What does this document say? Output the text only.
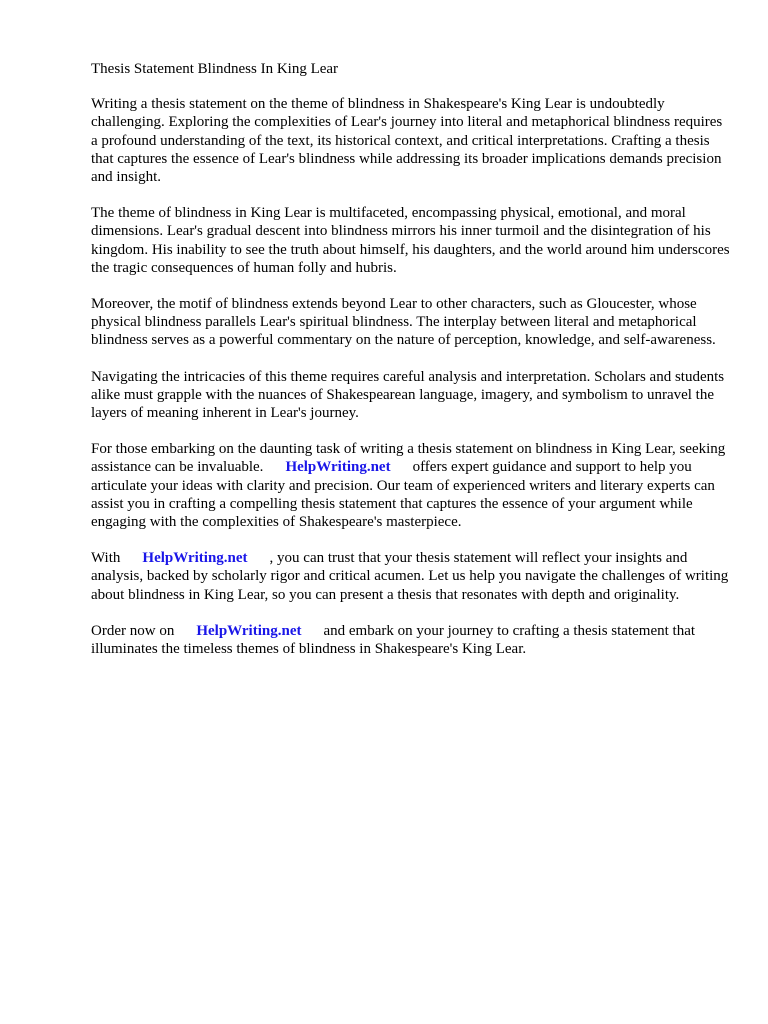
Thesis Statement Blindness In King Lear

Writing a thesis statement on the theme of blindness in Shakespeare's King Lear is undoubtedly challenging. Exploring the complexities of Lear's journey into literal and metaphorical blindness requires a profound understanding of the text, its historical context, and critical interpretations. Crafting a thesis that captures the essence of Lear's blindness while addressing its broader implications demands precision and insight.

The theme of blindness in King Lear is multifaceted, encompassing physical, emotional, and moral dimensions. Lear's gradual descent into blindness mirrors his inner turmoil and the disintegration of his kingdom. His inability to see the truth about himself, his daughters, and the world around him underscores the tragic consequences of human folly and hubris.

Moreover, the motif of blindness extends beyond Lear to other characters, such as Gloucester, whose physical blindness parallels Lear's spiritual blindness. The interplay between literal and metaphorical blindness serves as a powerful commentary on the nature of perception, knowledge, and self-awareness.

Navigating the intricacies of this theme requires careful analysis and interpretation. Scholars and students alike must grapple with the nuances of Shakespearean language, imagery, and symbolism to unravel the layers of meaning inherent in Lear's journey.

For those embarking on the daunting task of writing a thesis statement on blindness in King Lear, seeking assistance can be invaluable. HelpWriting.net offers expert guidance and support to help you articulate your ideas with clarity and precision. Our team of experienced writers and literary experts can assist you in crafting a compelling thesis statement that captures the essence of your argument while engaging with the complexities of Shakespeare's masterpiece.

With HelpWriting.net , you can trust that your thesis statement will reflect your insights and analysis, backed by scholarly rigor and critical acumen. Let us help you navigate the challenges of writing about blindness in King Lear, so you can present a thesis that resonates with depth and originality.

Order now on HelpWriting.net and embark on your journey to crafting a thesis statement that illuminates the timeless themes of blindness in Shakespeare's King Lear.
